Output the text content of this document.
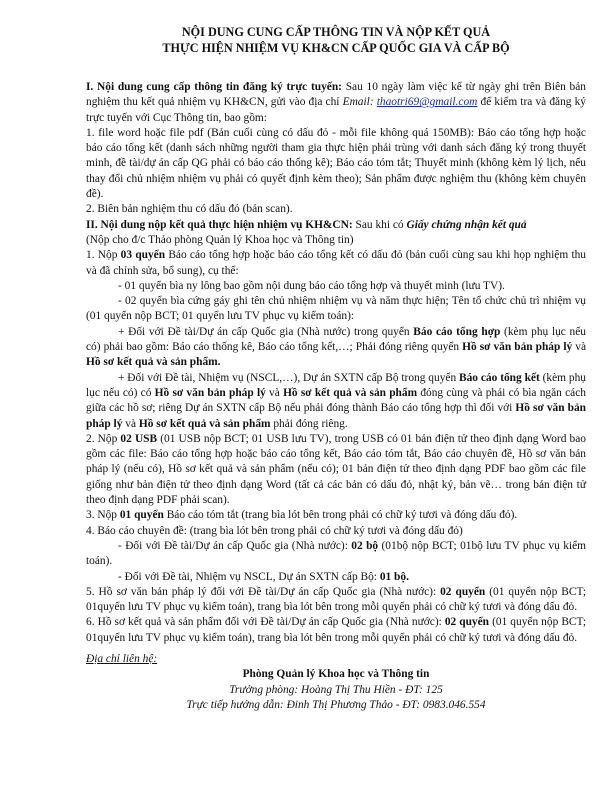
NỘI DUNG CUNG CẤP THÔNG TIN VÀ NỘP KẾT QUẢ

THỰC HIỆN NHIỆM VỤ KH&CN CẤP QUỐC GIA VÀ CẤP BỘ

I. Nội dung cung cấp thông tin đăng ký trực tuyến: Sau 10 ngày làm việc kể từ ngày ghi trên Biên bản nghiệm thu kết quả nhiệm vụ KH&CN, gửi vào địa chỉ Email: thaotri69@gmail.com để kiểm tra và đăng ký trực tuyến với Cục Thông tin, bao gồm:

1. file word hoặc file pdf (Bản cuối cùng có dấu đỏ - mỗi file không quá 150MB): Báo cáo tổng hợp hoặc báo cáo tổng kết (danh sách những người tham gia thực hiện phải trùng với danh sách đăng ký trong thuyết minh, đề tài/dự án cấp QG phải có báo cáo thống kê); Báo cáo tóm tắt; Thuyết minh (không kèm lý lịch, nếu thay đổi chủ nhiệm nhiệm vụ phải có quyết định kèm theo); Sản phẩm được nghiệm thu (không kèm chuyên đề).

2. Biên bản nghiệm thu có dấu đỏ (bản scan).

II. Nội dung nộp kết quả thực hiện nhiệm vụ KH&CN: Sau khi có Giấy chứng nhận kết quả

(Nộp cho đ/c Thảo phòng Quản lý Khoa học và Thông tin)

1. Nộp 03 quyển Báo cáo tổng hợp hoặc báo cáo tổng kết có dấu đỏ (bản cuối cùng sau khi họp nghiệm thu và đã chỉnh sửa, bổ sung), cụ thể:

- 01 quyển bìa ny lông bao gồm nội dung báo cáo tổng hợp và thuyết minh (lưu TV).

- 02 quyển bìa cứng gáy ghi tên chủ nhiệm nhiệm vụ và năm thực hiện; Tên tổ chức chủ trì nhiệm vụ (01 quyển nộp BCT; 01 quyển lưu TV phục vụ kiểm toán):

+ Đối với Đề tài/Dự án cấp Quốc gia (Nhà nước) trong quyển Báo cáo tổng hợp (kèm phụ lục nếu có) phải bao gồm: Báo cáo thống kê, Báo cáo tổng kết,…; Phải đóng riêng quyển Hồ sơ văn bản pháp lý và Hồ sơ kết quả và sản phẩm.

+ Đối với Đề tài, Nhiệm vụ (NSCL,…), Dự án SXTN cấp Bộ trong quyển Báo cáo tổng kết (kèm phụ lục nếu có) có Hồ sơ văn bản pháp lý và Hồ sơ kết quả và sản phẩm đóng cùng và phải có bìa ngăn cách giữa các hồ sơ; riêng Dự án SXTN cấp Bộ nếu phải đóng thành Báo cáo tổng hợp thì đối với Hồ sơ văn bản pháp lý và Hồ sơ kết quả và sản phẩm phải đóng riêng.

2. Nộp 02 USB (01 USB nộp BCT; 01 USB lưu TV), trong USB có 01 bản điện tử theo định dạng Word bao gồm các file: Báo cáo tổng hợp hoặc báo cáo tổng kết, Báo cáo tóm tắt, Báo cáo chuyên đề, Hồ sơ văn bản pháp lý (nếu có), Hồ sơ kết quả và sản phẩm (nếu có); 01 bản điện tử theo định dạng PDF bao gồm các file giống như bản điện tử theo định dạng Word (tất cả các bản có dấu đỏ, nhật ký, bản vẽ… trong bản điện tử theo định dạng PDF phải scan).

3. Nộp 01 quyển Báo cáo tóm tắt (trang bìa lót bên trong phải có chữ ký tươi và đóng dấu đỏ).

4. Báo cáo chuyên đề: (trang bìa lót bên trong phải có chữ ký tươi và đóng dấu đỏ)

- Đối với Đề tài/Dự án cấp Quốc gia (Nhà nước): 02 bộ (01bộ nộp BCT; 01bộ lưu TV phục vụ kiểm toán).

- Đối với Đề tài, Nhiệm vụ NSCL, Dự án SXTN cấp Bộ: 01 bộ.

5. Hồ sơ văn bản pháp lý đối với Đề tài/Dự án cấp Quốc gia (Nhà nước): 02 quyển (01 quyển nộp BCT; 01quyển lưu TV phục vụ kiểm toán), trang bìa lót bên trong mỗi quyển phải có chữ ký tươi và đóng dấu đỏ.

6. Hồ sơ kết quả và sản phẩm đối với Đề tài/Dự án cấp Quốc gia (Nhà nước): 02 quyển (01 quyển nộp BCT; 01quyển lưu TV phục vụ kiểm toán), trang bìa lót bên trong mỗi quyển phải có chữ ký tươi và đóng dấu đỏ.

Địa chỉ liên hệ:

Phòng Quản lý Khoa học và Thông tin

Trưởng phòng: Hoàng Thị Thu Hiền - ĐT: 125

Trực tiếp hướng dẫn: Đinh Thị Phương Thảo - ĐT: 0983.046.554
